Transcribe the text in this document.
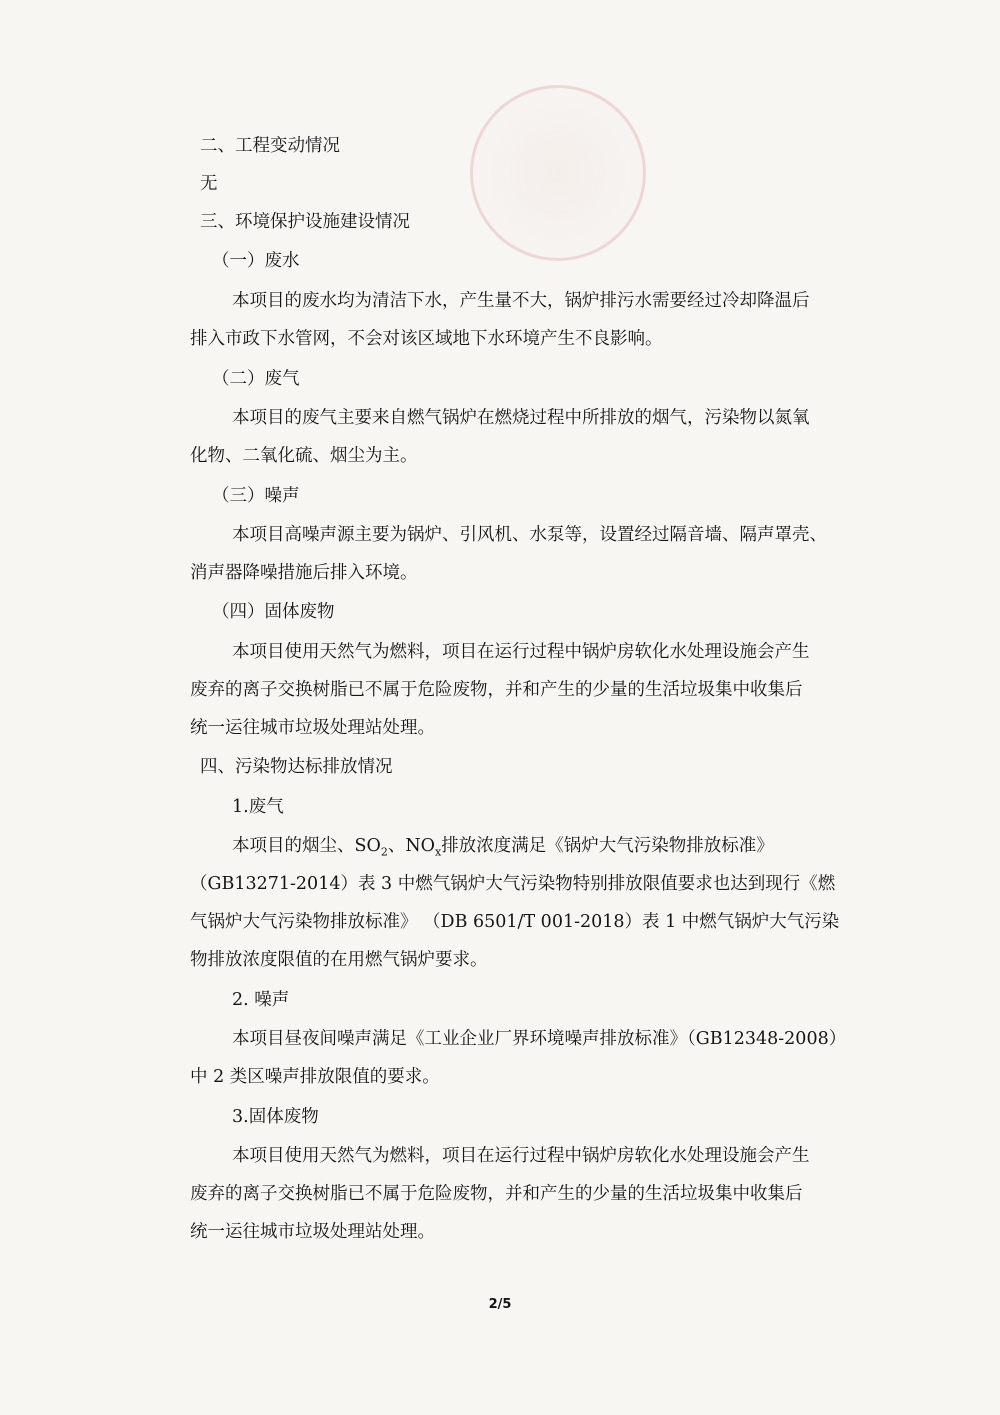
二、工程变动情况
无
三、环境保护设施建设情况
（一）废水
本项目的废水均为清洁下水，产生量不大，锅炉排污水需要经过冷却降温后
排入市政下水管网，不会对该区域地下水环境产生不良影响。
（二）废气
本项目的废气主要来自燃气锅炉在燃烧过程中所排放的烟气，污染物以氮氧
化物、二氧化硫、烟尘为主。
（三）噪声
本项目高噪声源主要为锅炉、引风机、水泵等，设置经过隔音墙、隔声罩壳、
消声器降噪措施后排入环境。
（四）固体废物
本项目使用天然气为燃料，项目在运行过程中锅炉房软化水处理设施会产生
废弃的离子交换树脂已不属于危险废物，并和产生的少量的生活垃圾集中收集后
统一运往城市垃圾处理站处理。
四、污染物达标排放情况
1.废气
本项目的烟尘、$SO_2$、$NO_x$排放浓度满足《锅炉大气污染物排放标准》
（GB13271-2014）表 3 中燃气锅炉大气污染物特别排放限值要求也达到现行《燃
气锅炉大气污染物排放标准》 （DB 6501/T 001-2018）表 1 中燃气锅炉大气污染
物排放浓度限值的在用燃气锅炉要求。
2. 噪声
本项目昼夜间噪声满足《工业企业厂界环境噪声排放标准》（GB12348-2008）
中 2 类区噪声排放限值的要求。
3.固体废物
本项目使用天然气为燃料，项目在运行过程中锅炉房软化水处理设施会产生
废弃的离子交换树脂已不属于危险废物，并和产生的少量的生活垃圾集中收集后
统一运往城市垃圾处理站处理。
2/5
